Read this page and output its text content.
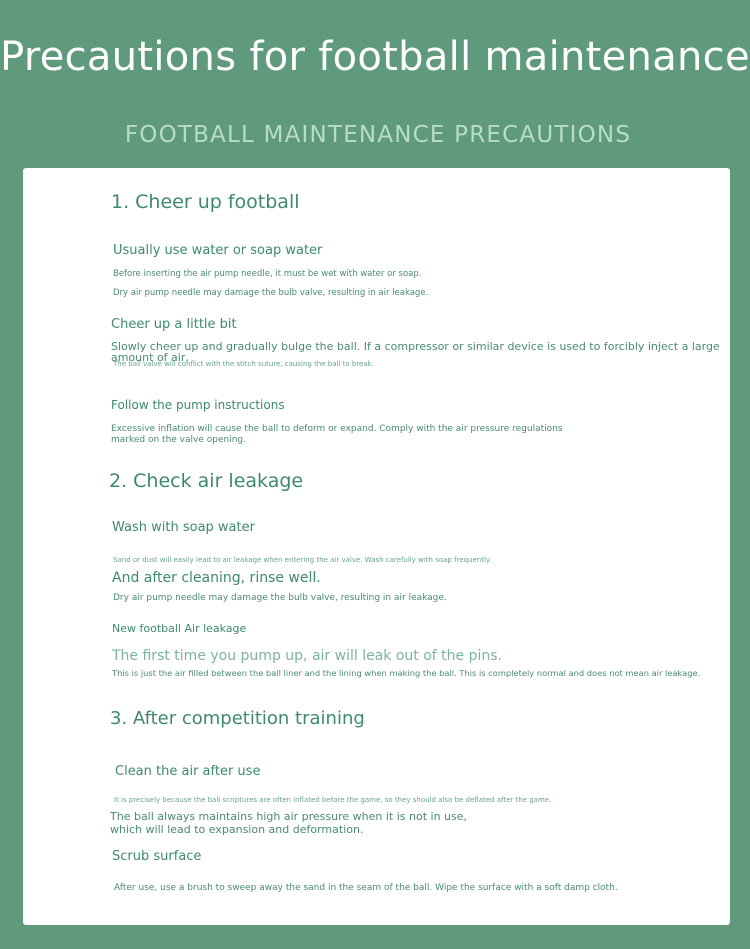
Precautions for football maintenance
FOOTBALL MAINTENANCE PRECAUTIONS
1. Cheer up football
Usually use water or soap water
Before inserting the air pump needle, it must be wet with water or soap.
Dry air pump needle may damage the bulb valve, resulting in air leakage.
Cheer up a little bit
Slowly cheer up and gradually bulge the ball. If a compressor or similar device is used to forcibly inject a large amount of air,
The ball valve will conflict with the stitch suture, causing the ball to break.
Follow the pump instructions
Excessive inflation will cause the ball to deform or expand. Comply with the air pressure regulations marked on the valve opening.
2. Check air leakage
Wash with soap water
Sand or dust will easily lead to air leakage when entering the air valve. Wash carefully with soap frequently.
And after cleaning, rinse well.
Dry air pump needle may damage the bulb valve, resulting in air leakage.
New football Air leakage
The first time you pump up, air will leak out of the pins.
This is just the air filled between the ball liner and the lining when making the ball. This is completely normal and does not mean air leakage.
3. After competition training
Clean the air after use
It is precisely because the ball scriptures are often inflated before the game, so they should also be deflated after the game.
The ball always maintains high air pressure when it is not in use, which will lead to expansion and deformation.
Scrub surface
After use, use a brush to sweep away the sand in the seam of the ball. Wipe the surface with a soft damp cloth.
